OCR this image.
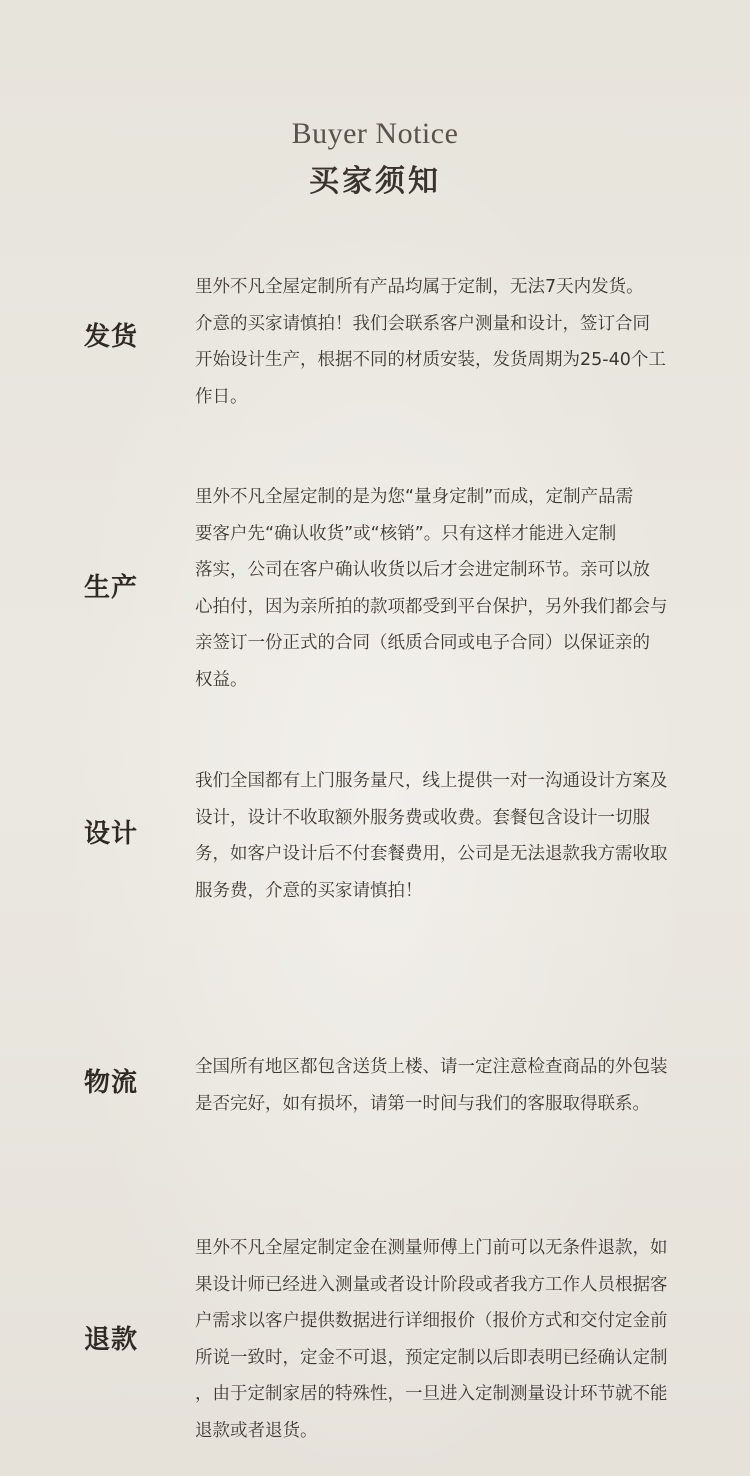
Buyer Notice
买家须知
发货
里外不凡全屋定制所有产品均属于定制，无法7天内发货。
介意的买家请慎拍！我们会联系客户测量和设计，签订合同
开始设计生产，根据不同的材质安装，发货周期为25-40个工
作日。
生产
里外不凡全屋定制的是为您“量身定制”而成，定制产品需
要客户先“确认收货”或“核销”。只有这样才能进入定制
落实，公司在客户确认收货以后才会进定制环节。亲可以放
心拍付，因为亲所拍的款项都受到平台保护，另外我们都会与
亲签订一份正式的合同（纸质合同或电子合同）以保证亲的
权益。
设计
我们全国都有上门服务量尺，线上提供一对一沟通设计方案及
设计，设计不收取额外服务费或收费。套餐包含设计一切服
务，如客户设计后不付套餐费用，公司是无法退款我方需收取
服务费，介意的买家请慎拍！
物流
全国所有地区都包含送货上楼、请一定注意检查商品的外包装
是否完好，如有损坏，请第一时间与我们的客服取得联系。
退款
里外不凡全屋定制定金在测量师傅上门前可以无条件退款，如
果设计师已经进入测量或者设计阶段或者我方工作人员根据客
户需求以客户提供数据进行详细报价（报价方式和交付定金前
所说一致时，定金不可退，预定定制以后即表明已经确认定制
，由于定制家居的特殊性，一旦进入定制测量设计环节就不能
退款或者退货。
